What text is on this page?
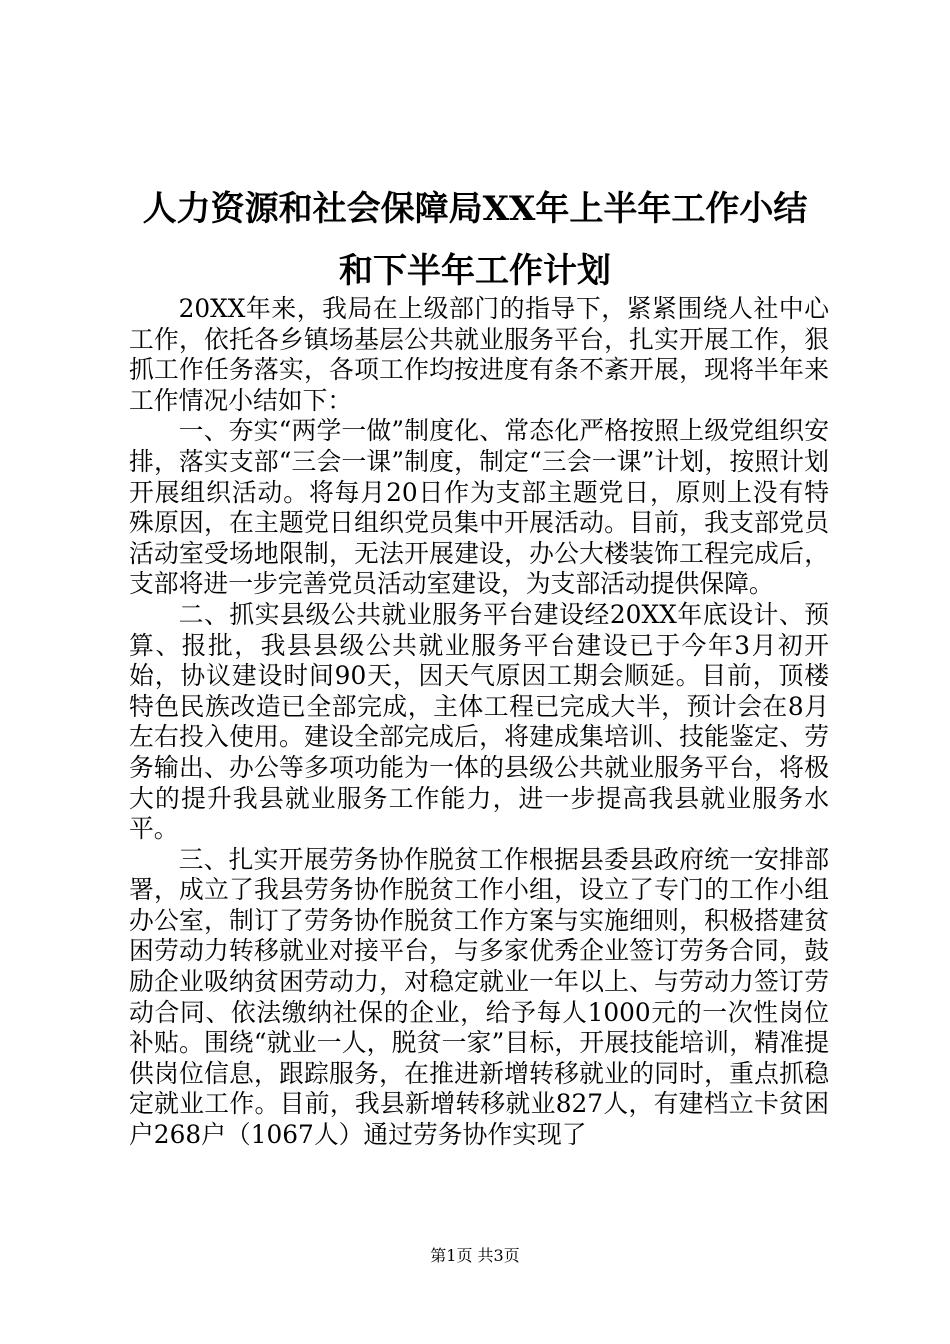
人力资源和社会保障局XX年上半年工作小结
和下半年工作计划

20XX年来，我局在上级部门的指导下，紧紧围绕人社中心工作，依托各乡镇场基层公共就业服务平台，扎实开展工作，狠抓工作任务落实，各项工作均按进度有条不紊开展，现将半年来工作情况小结如下：

一、夯实“两学一做”制度化、常态化严格按照上级党组织安排，落实支部“三会一课”制度，制定“三会一课”计划，按照计划开展组织活动。将每月20日作为支部主题党日，原则上没有特殊原因，在主题党日组织党员集中开展活动。目前，我支部党员活动室受场地限制，无法开展建设，办公大楼装饰工程完成后，支部将进一步完善党员活动室建设，为支部活动提供保障。

二、抓实县级公共就业服务平台建设经20XX年底设计、预算、报批，我县县级公共就业服务平台建设已于今年3月初开始，协议建设时间90天，因天气原因工期会顺延。目前，顶楼特色民族改造已全部完成，主体工程已完成大半，预计会在8月左右投入使用。建设全部完成后，将建成集培训、技能鉴定、劳务输出、办公等多项功能为一体的县级公共就业服务平台，将极大的提升我县就业服务工作能力，进一步提高我县就业服务水平。

三、扎实开展劳务协作脱贫工作根据县委县政府统一安排部署，成立了我县劳务协作脱贫工作小组，设立了专门的工作小组办公室，制订了劳务协作脱贫工作方案与实施细则，积极搭建贫困劳动力转移就业对接平台，与多家优秀企业签订劳务合同，鼓励企业吸纳贫困劳动力，对稳定就业一年以上、与劳动力签订劳动合同、依法缴纳社保的企业，给予每人1000元的一次性岗位补贴。围绕“就业一人，脱贫一家”目标，开展技能培训，精准提供岗位信息，跟踪服务，在推进新增转移就业的同时，重点抓稳定就业工作。目前，我县新增转移就业827人，有建档立卡贫困户268户（1067人）通过劳务协作实现了

第1页 共3页
